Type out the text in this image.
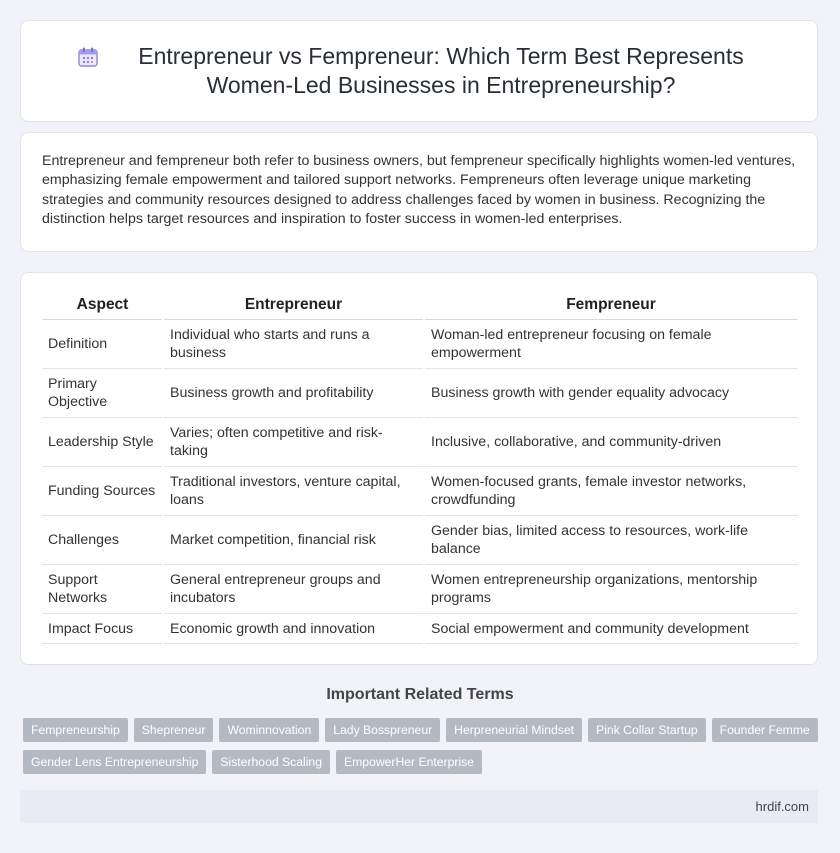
Entrepreneur vs Fempreneur: Which Term Best Represents Women-Led Businesses in Entrepreneurship?

Entrepreneur and fempreneur both refer to business owners, but fempreneur specifically highlights women-led ventures, emphasizing female empowerment and tailored support networks. Fempreneurs often leverage unique marketing strategies and community resources designed to address challenges faced by women in business. Recognizing the distinction helps target resources and inspiration to foster success in women-led enterprises.

Aspect	Entrepreneur	Fempreneur
Definition	Individual who starts and runs a business	Woman-led entrepreneur focusing on female empowerment
Primary Objective	Business growth and profitability	Business growth with gender equality advocacy
Leadership Style	Varies; often competitive and risk-taking	Inclusive, collaborative, and community-driven
Funding Sources	Traditional investors, venture capital, loans	Women-focused grants, female investor networks, crowdfunding
Challenges	Market competition, financial risk	Gender bias, limited access to resources, work-life balance
Support Networks	General entrepreneur groups and incubators	Women entrepreneurship organizations, mentorship programs
Impact Focus	Economic growth and innovation	Social empowerment and community development
Important Related Terms
Fempreneurship	Shepreneur	Wominnovation	Lady Bosspreneur	Herpreneurial Mindset	Pink Collar Startup	Founder Femme
Gender Lens Entrepreneurship	Sisterhood Scaling	EmpowerHer Enterprise
hrdif.com
